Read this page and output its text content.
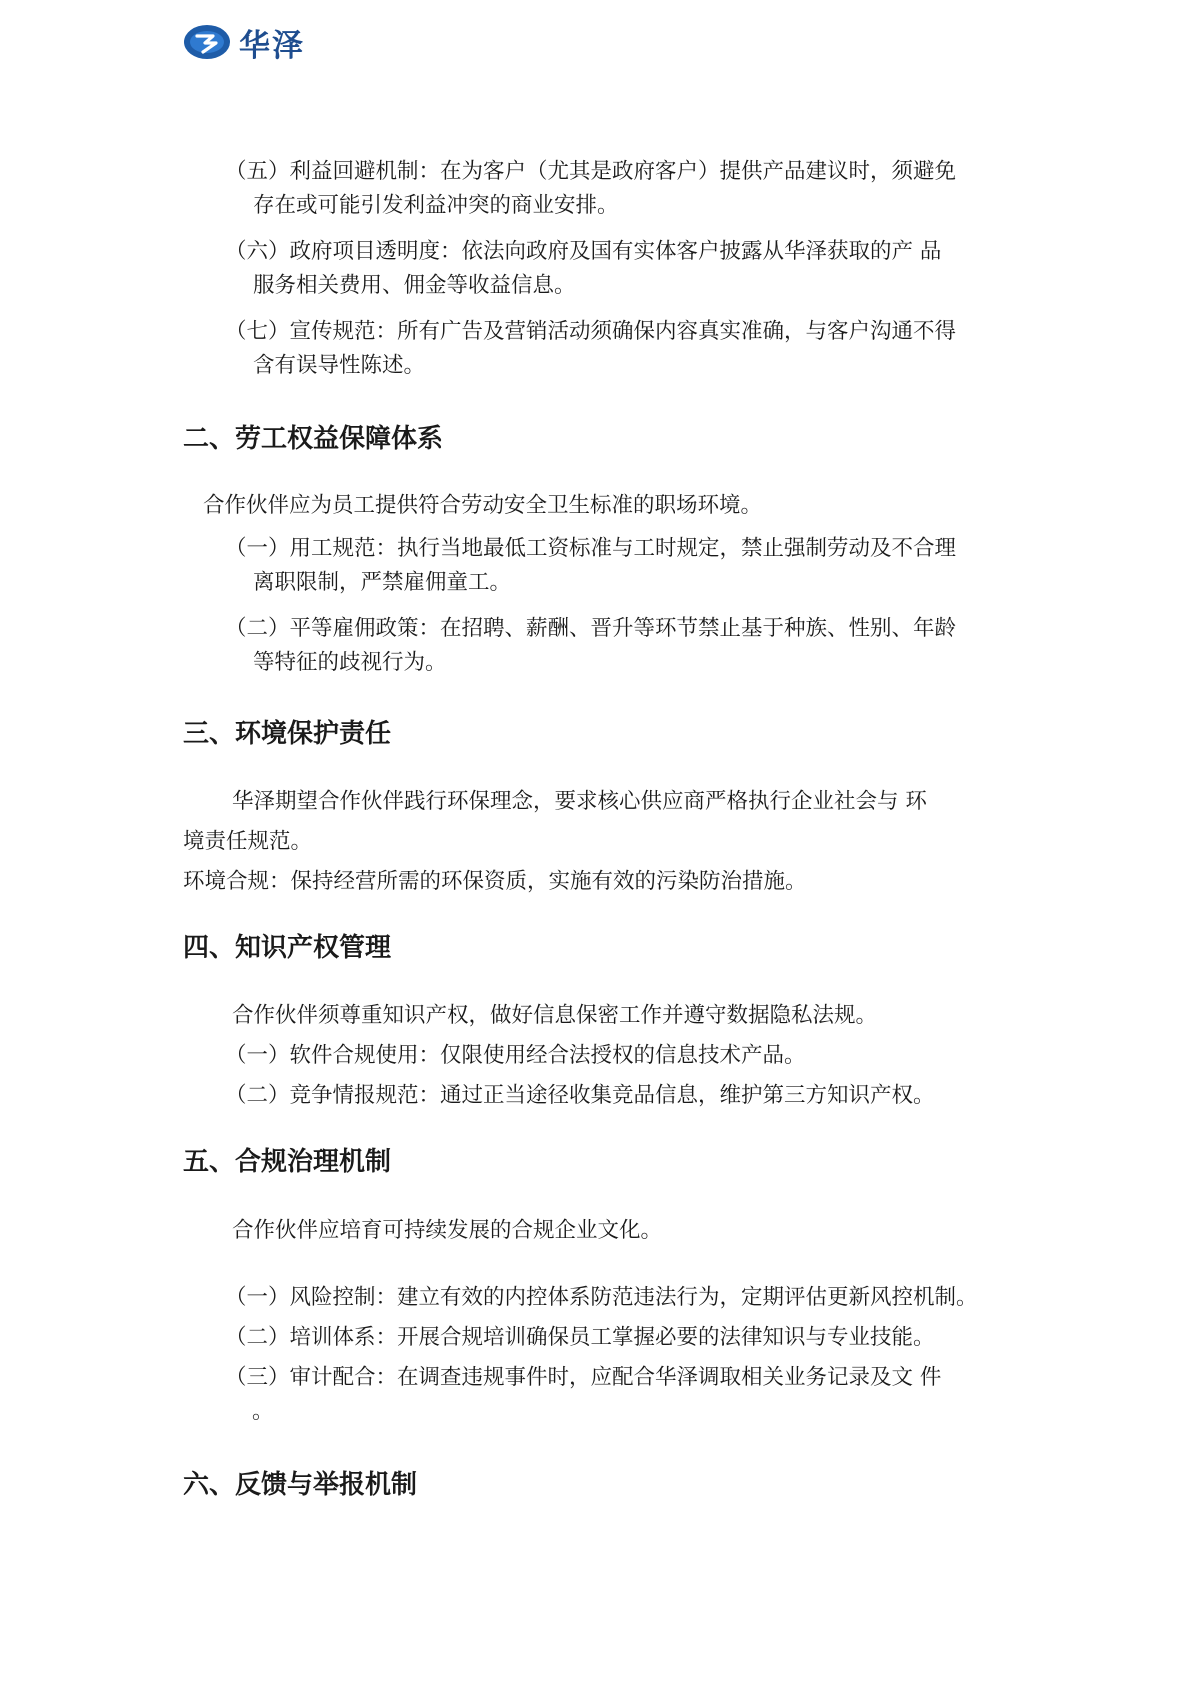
华泽
（五）利益回避机制：在为客户（尤其是政府客户）提供产品建议时，须避免
存在或可能引发利益冲突的商业安排。
（六）政府项目透明度：依法向政府及国有实体客户披露从华泽获取的产 品
服务相关费用、佣金等收益信息。
（七）宣传规范：所有广告及营销活动须确保内容真实准确，与客户沟通不得
含有误导性陈述。
二、劳工权益保障体系
合作伙伴应为员工提供符合劳动安全卫生标准的职场环境。
（一）用工规范：执行当地最低工资标准与工时规定，禁止强制劳动及不合理
离职限制，严禁雇佣童工。
（二）平等雇佣政策：在招聘、薪酬、晋升等环节禁止基于种族、性别、年龄
等特征的歧视行为。
三、环境保护责任
华泽期望合作伙伴践行环保理念，要求核心供应商严格执行企业社会与 环
境责任规范。
环境合规：保持经营所需的环保资质，实施有效的污染防治措施。
四、知识产权管理
合作伙伴须尊重知识产权，做好信息保密工作并遵守数据隐私法规。
（一）软件合规使用：仅限使用经合法授权的信息技术产品。
（二）竞争情报规范：通过正当途径收集竞品信息，维护第三方知识产权。
五、合规治理机制
合作伙伴应培育可持续发展的合规企业文化。
（一）风险控制：建立有效的内控体系防范违法行为，定期评估更新风控机制。
（二）培训体系：开展合规培训确保员工掌握必要的法律知识与专业技能。
（三）审计配合：在调查违规事件时，应配合华泽调取相关业务记录及文 件
。
六、反馈与举报机制
